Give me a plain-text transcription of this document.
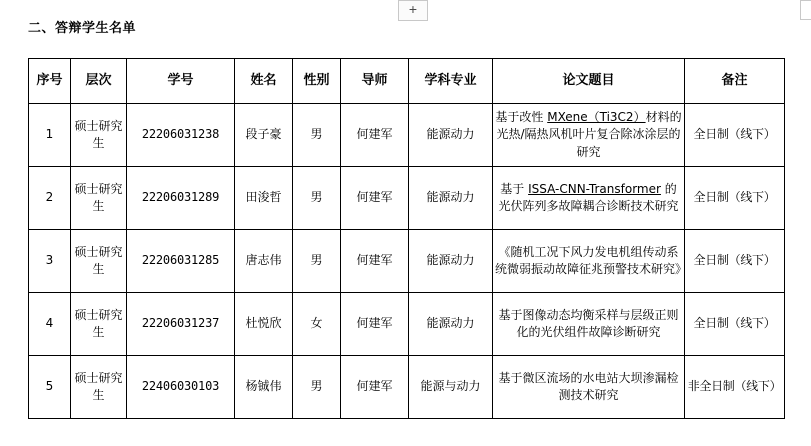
+
二、答辩学生名单
序号	层次	学号	姓名	性别	导师	学科专业	论文题目	备注
1	硕士研究生	22206031238	段子豪	男	何建军	能源动力	基于改性 MXene（Ti3C2）材料的光热/隔热风机叶片复合除冰涂层的研究	全日制（线下）
2	硕士研究生	22206031289	田浚哲	男	何建军	能源动力	基于 ISSA-CNN-Transformer 的光伏阵列多故障耦合诊断技术研究	全日制（线下）
3	硕士研究生	22206031285	唐志伟	男	何建军	能源动力	《随机工况下风力发电机组传动系统微弱振动故障征兆预警技术研究》	全日制（线下）
4	硕士研究生	22206031237	杜悦欣	女	何建军	能源动力	基于图像动态均衡采样与层级正则化的光伏组件故障诊断研究	全日制（线下）
5	硕士研究生	22406030103	杨铖伟	男	何建军	能源与动力	基于微区流场的水电站大坝渗漏检测技术研究	非全日制（线下）
